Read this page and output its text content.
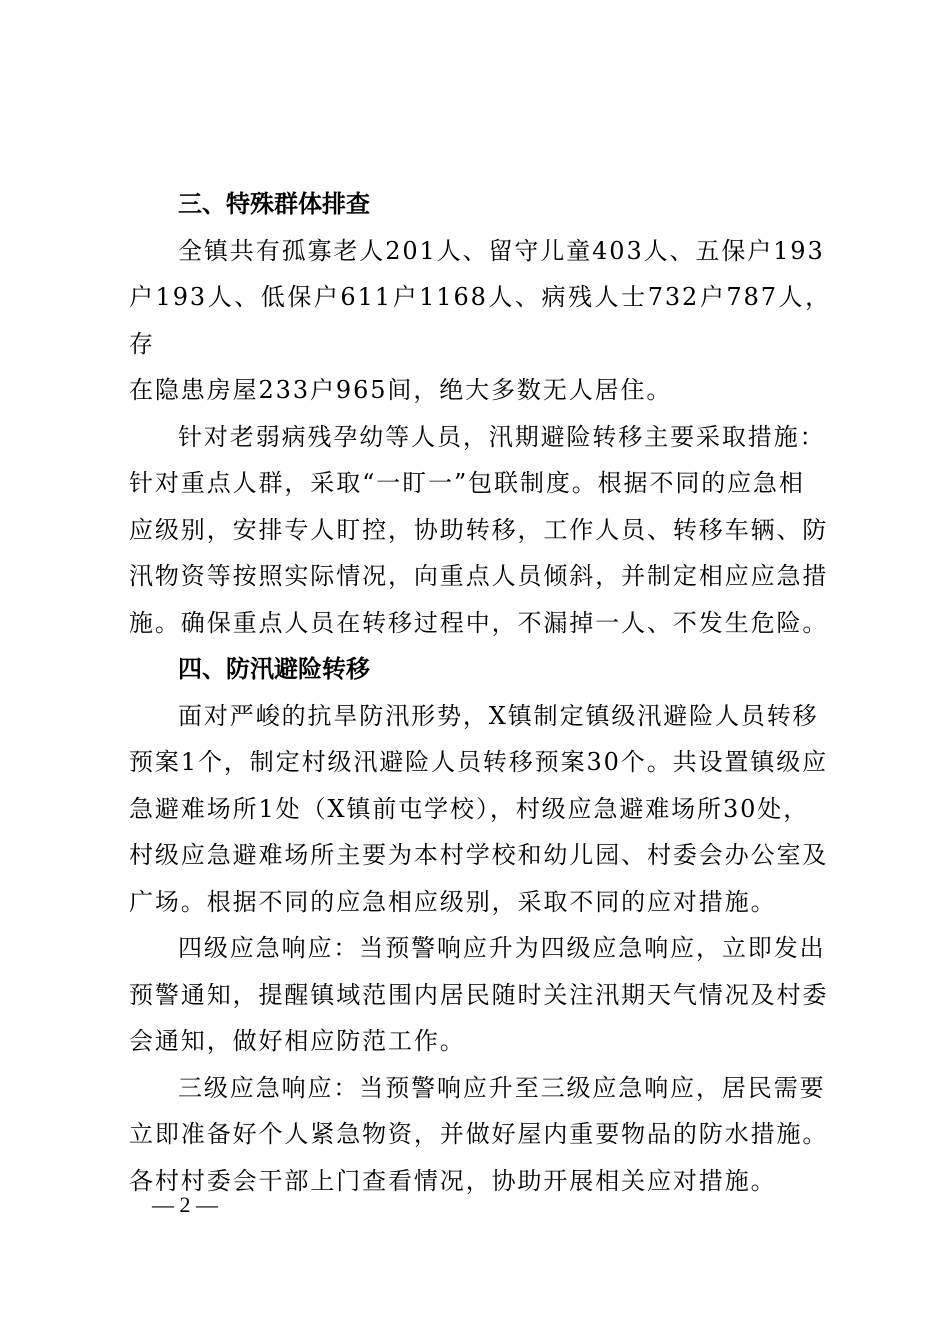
三、特殊群体排查

全镇共有孤寡老人201人、留守儿童403人、五保户193
户193人、低保户611户1168人、病残人士732户787人，存
在隐患房屋233户965间，绝大多数无人居住。

针对老弱病残孕幼等人员，汛期避险转移主要采取措施：
针对重点人群，采取“一盯一”包联制度。根据不同的应急相
应级别，安排专人盯控，协助转移，工作人员、转移车辆、防
汛物资等按照实际情况，向重点人员倾斜，并制定相应应急措
施。确保重点人员在转移过程中，不漏掉一人、不发生危险。

四、防汛避险转移

面对严峻的抗旱防汛形势，X镇制定镇级汛避险人员转移
预案1个，制定村级汛避险人员转移预案30个。共设置镇级应
急避难场所1处（X镇前屯学校），村级应急避难场所30处，
村级应急避难场所主要为本村学校和幼儿园、村委会办公室及
广场。根据不同的应急相应级别，采取不同的应对措施。

四级应急响应：当预警响应升为四级应急响应，立即发出
预警通知，提醒镇域范围内居民随时关注汛期天气情况及村委
会通知，做好相应防范工作。

三级应急响应：当预警响应升至三级应急响应，居民需要
立即准备好个人紧急物资，并做好屋内重要物品的防水措施。
各村村委会干部上门查看情况，协助开展相关应对措施。

— 2 —
